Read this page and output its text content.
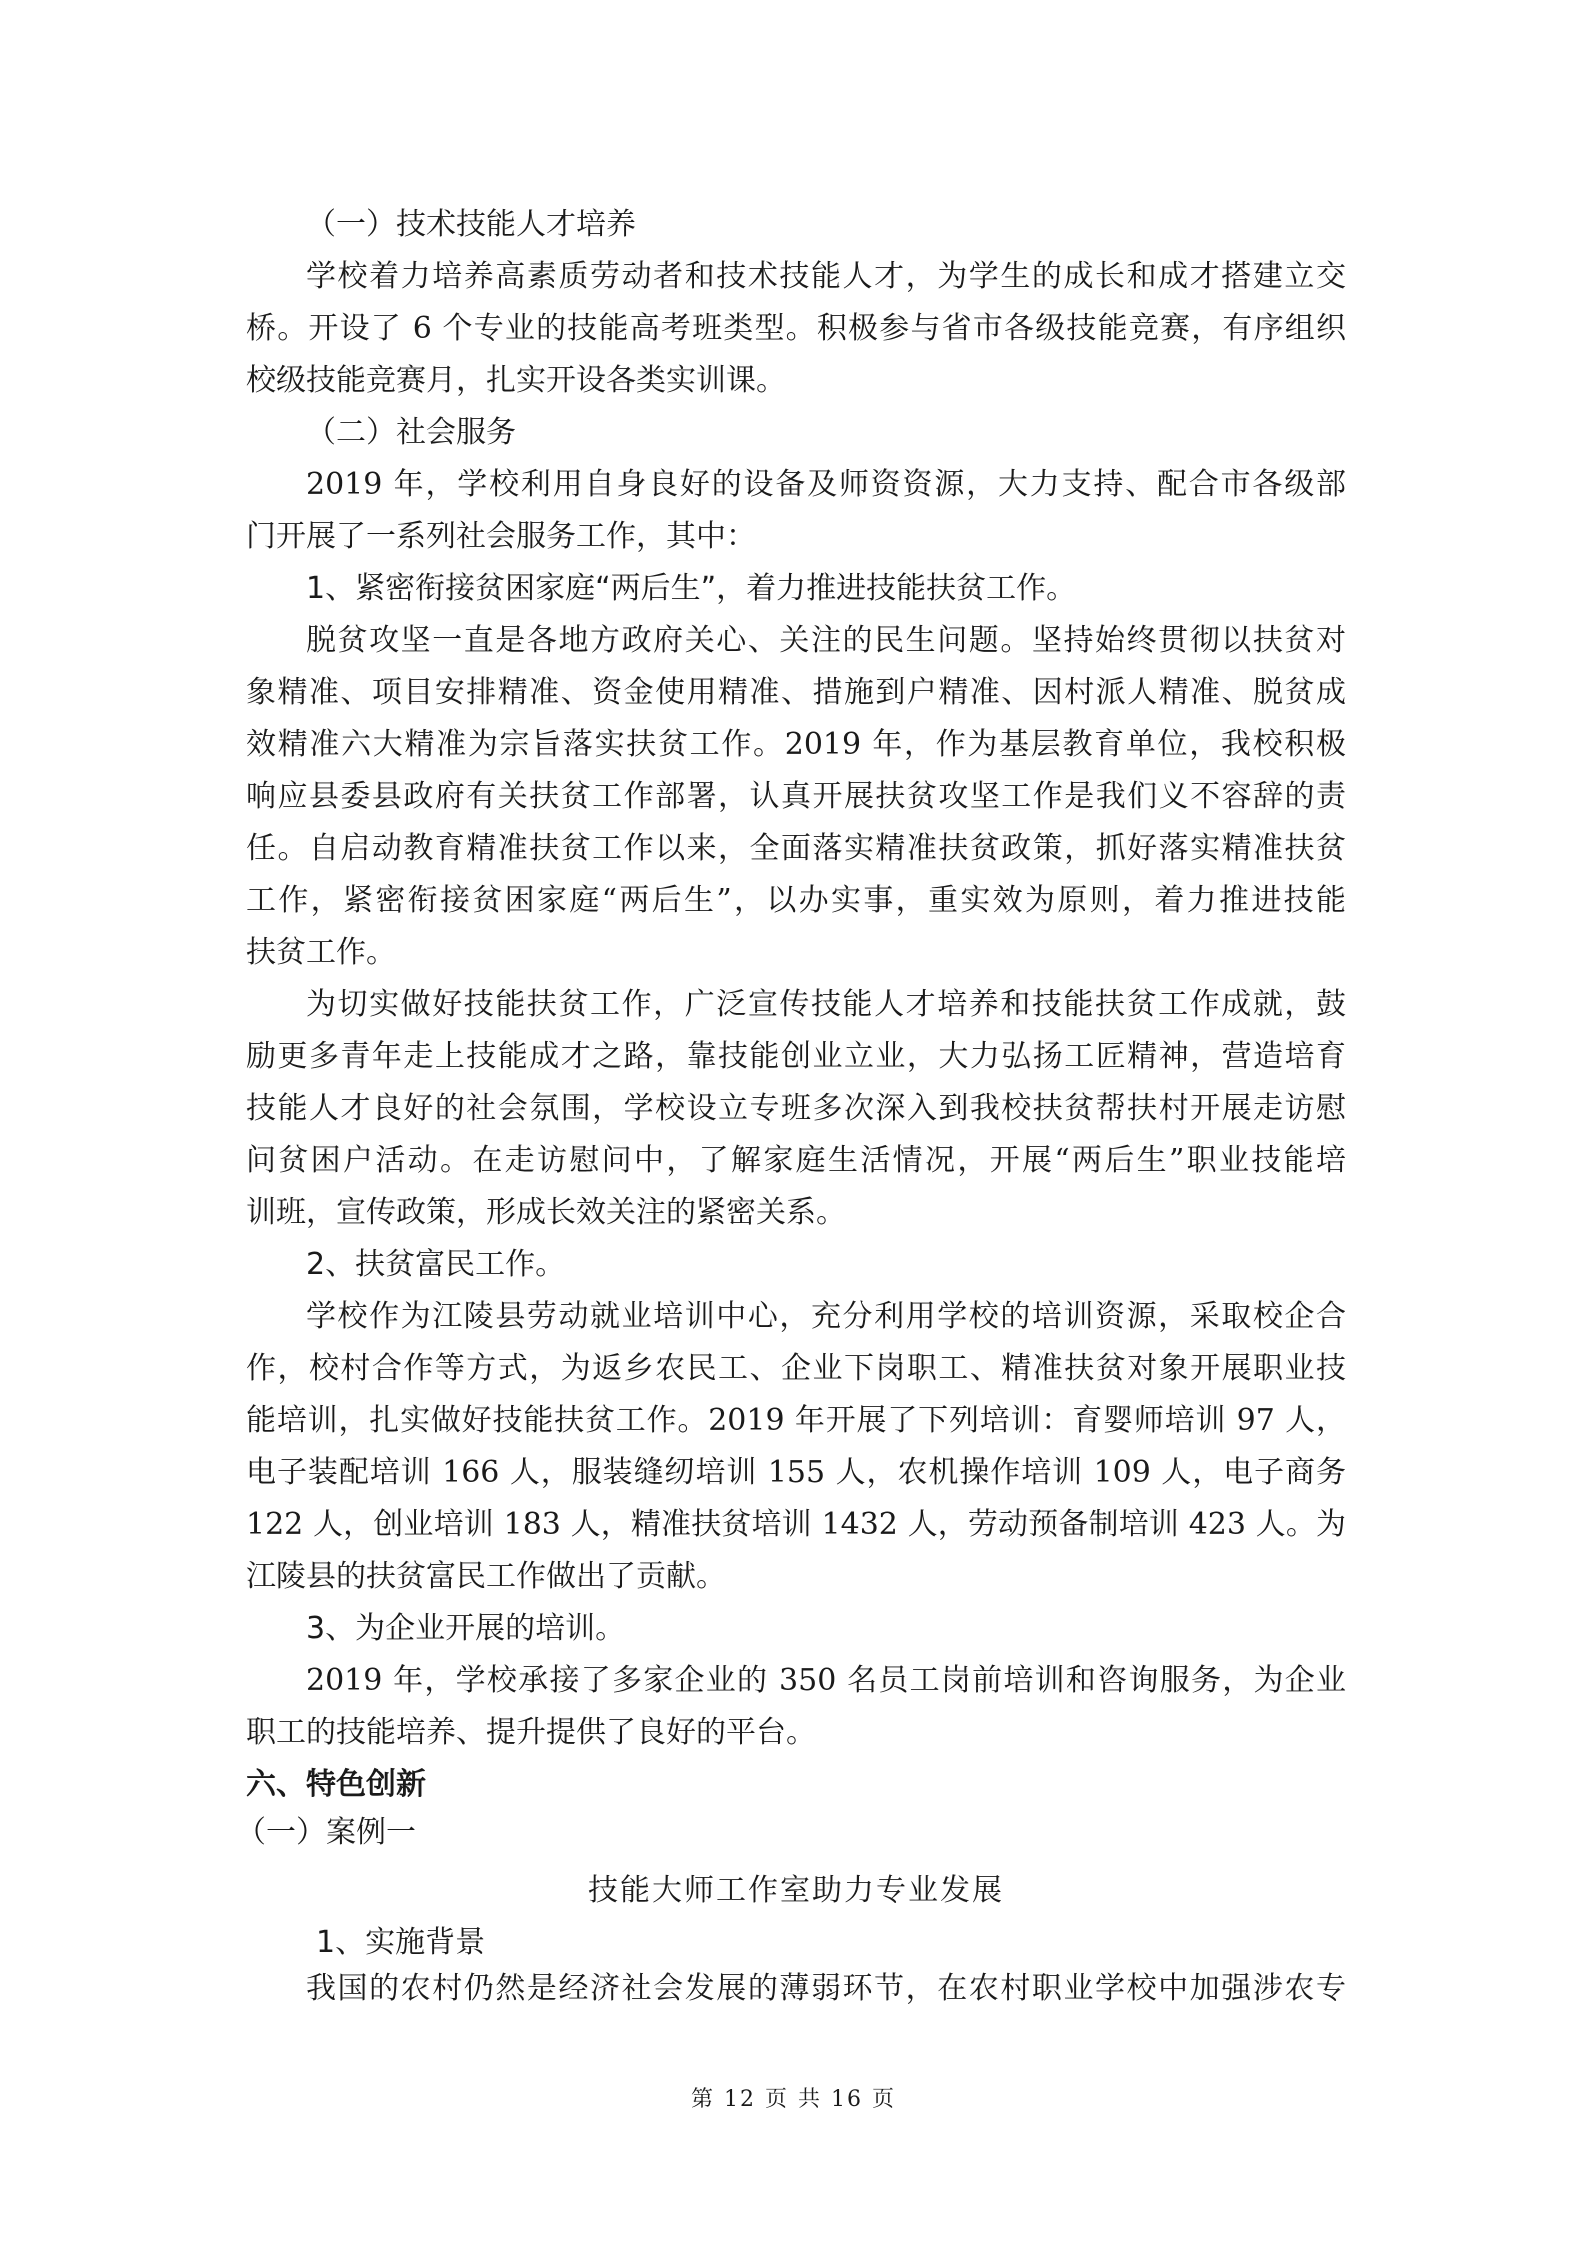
（一）技术技能人才培养
学校着力培养高素质劳动者和技术技能人才，为学生的成长和成才搭建立交
桥。开设了 6 个专业的技能高考班类型。积极参与省市各级技能竞赛，有序组织
校级技能竞赛月，扎实开设各类实训课。
（二）社会服务
2019 年，学校利用自身良好的设备及师资资源，大力支持、配合市各级部
门开展了一系列社会服务工作，其中：
1、紧密衔接贫困家庭“两后生”，着力推进技能扶贫工作。
脱贫攻坚一直是各地方政府关心、关注的民生问题。坚持始终贯彻以扶贫对
象精准、项目安排精准、资金使用精准、措施到户精准、因村派人精准、脱贫成
效精准六大精准为宗旨落实扶贫工作。2019 年，作为基层教育单位，我校积极
响应县委县政府有关扶贫工作部署，认真开展扶贫攻坚工作是我们义不容辞的责
任。自启动教育精准扶贫工作以来，全面落实精准扶贫政策，抓好落实精准扶贫
工作，紧密衔接贫困家庭“两后生”，以办实事，重实效为原则，着力推进技能
扶贫工作。
为切实做好技能扶贫工作，广泛宣传技能人才培养和技能扶贫工作成就，鼓
励更多青年走上技能成才之路，靠技能创业立业，大力弘扬工匠精神，营造培育
技能人才良好的社会氛围，学校设立专班多次深入到我校扶贫帮扶村开展走访慰
问贫困户活动。在走访慰问中，了解家庭生活情况，开展“两后生”职业技能培
训班，宣传政策，形成长效关注的紧密关系。
2、扶贫富民工作。
学校作为江陵县劳动就业培训中心，充分利用学校的培训资源，采取校企合
作，校村合作等方式，为返乡农民工、企业下岗职工、精准扶贫对象开展职业技
能培训，扎实做好技能扶贫工作。2019 年开展了下列培训：育婴师培训 97 人，
电子装配培训 166 人，服装缝纫培训 155 人，农机操作培训 109 人，电子商务
122 人，创业培训 183 人，精准扶贫培训 1432 人，劳动预备制培训 423 人。为
江陵县的扶贫富民工作做出了贡献。
3、为企业开展的培训。
2019 年，学校承接了多家企业的 350 名员工岗前培训和咨询服务，为企业
职工的技能培养、提升提供了良好的平台。
六、特色创新
（一）案例一
技能大师工作室助力专业发展
1、实施背景
我国的农村仍然是经济社会发展的薄弱环节，在农村职业学校中加强涉农专
第 12 页 共 16 页
